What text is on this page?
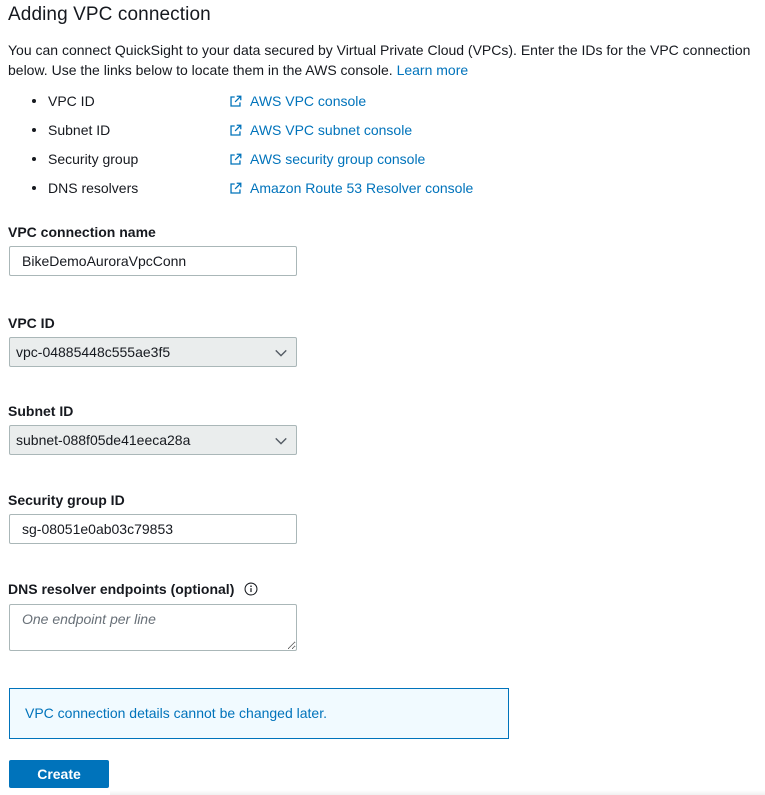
Adding VPC connection

You can connect QuickSight to your data secured by Virtual Private Cloud (VPCs). Enter the IDs for the VPC connection below. Use the links below to locate them in the AWS console. Learn more

VPC ID	AWS VPC console
Subnet ID	AWS VPC subnet console
Security group	AWS security group console
DNS resolvers	Amazon Route 53 Resolver console
VPC connection name
BikeDemoAuroraVpcConn
VPC ID
vpc-04885448c555ae3f5
Subnet ID
subnet-088f05de41eeca28a
Security group ID
sg-08051e0ab03c79853
DNS resolver endpoints (optional)
One endpoint per line
VPC connection details cannot be changed later.
Create
